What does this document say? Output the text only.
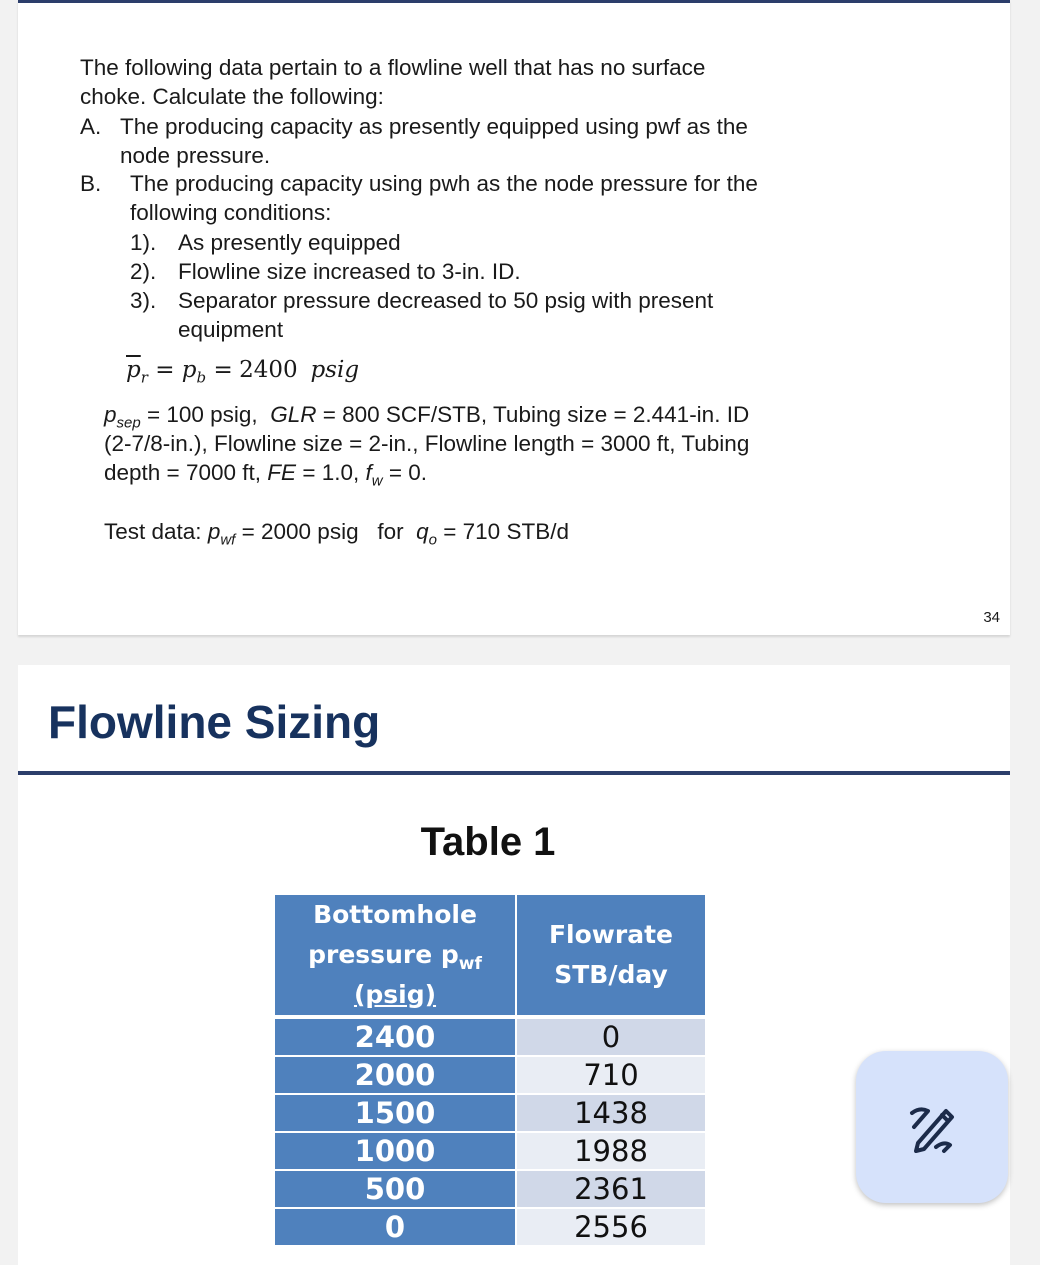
The following data pertain to a flowline well that has no surface
choke. Calculate the following:

A. The producing capacity as presently equipped using pwf as the
node pressure.

B. The producing capacity using pwh as the node pressure for the
following conditions:

1). As presently equipped
2). Flowline size increased to 3-in. ID.
3). Separator pressure decreased to 50 psig with present
equipment

$\overline{p}_r = p_b = 2400$ psig

$p_{sep} = 100$ psig, GLR = 800 SCF/STB, Tubing size = 2.441-in. ID
(2-7/8-in.), Flowline size = 2-in., Flowline length = 3000 ft, Tubing
depth = 7000 ft, FE = 1.0, $f_w = 0$.

Test data: $p_{wf} = 2000$ psig for $q_o = 710$ STB/d

34
Flowline Sizing
Table 1
Bottomhole
pressure $p_{wf}$
(psig)	Flowrate
STB/day
2400	0
2000	710
1500	1438
1000	1988
500	2361
0	2556
